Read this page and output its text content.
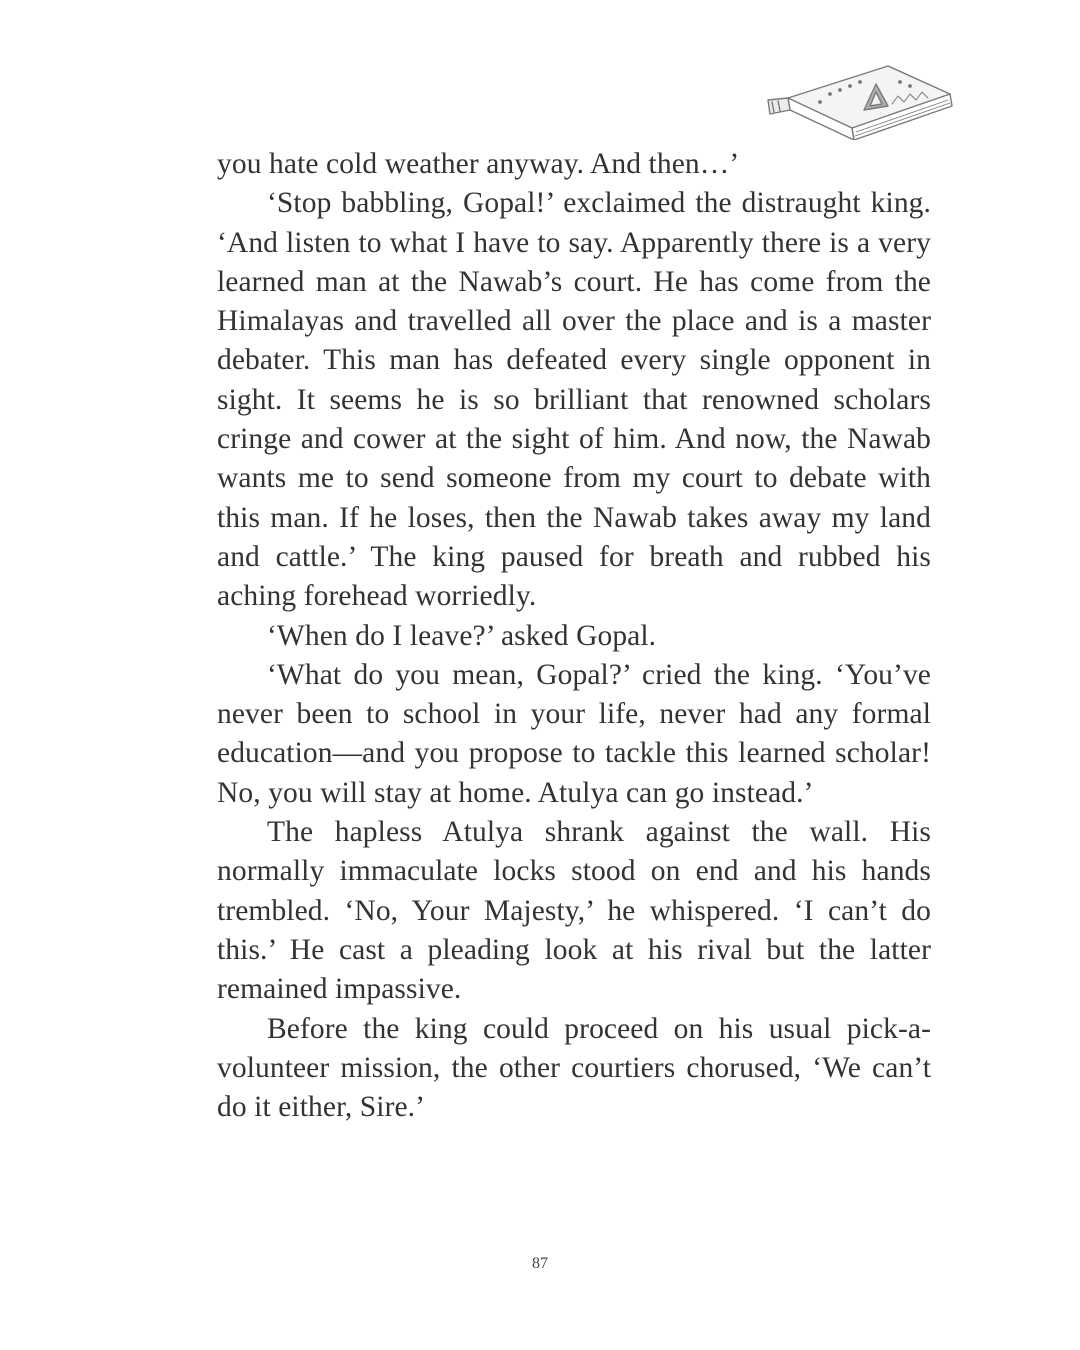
you hate cold weather anyway. And then…’

‘Stop babbling, Gopal!’ exclaimed the distraught king. ‘And listen to what I have to say. Apparently there is a very learned man at the Nawab’s court. He has come from the Himalayas and travelled all over the place and is a master debater. This man has defeated every single opponent in sight. It seems he is so brilliant that renowned scholars cringe and cower at the sight of him. And now, the Nawab wants me to send someone from my court to debate with this man. If he loses, then the Nawab takes away my land and cattle.’ The king paused for breath and rubbed his aching forehead worriedly.

‘When do I leave?’ asked Gopal.

‘What do you mean, Gopal?’ cried the king. ‘You’ve never been to school in your life, never had any formal education—and you propose to tackle this learned scholar! No, you will stay at home. Atulya can go instead.’

The hapless Atulya shrank against the wall. His normally immaculate locks stood on end and his hands trembled. ‘No, Your Majesty,’ he whispered. ‘I can’t do this.’ He cast a pleading look at his rival but the latter remained impassive.

Before the king could proceed on his usual pick-a-volunteer mission, the other courtiers chorused, ‘We can’t do it either, Sire.’

87
